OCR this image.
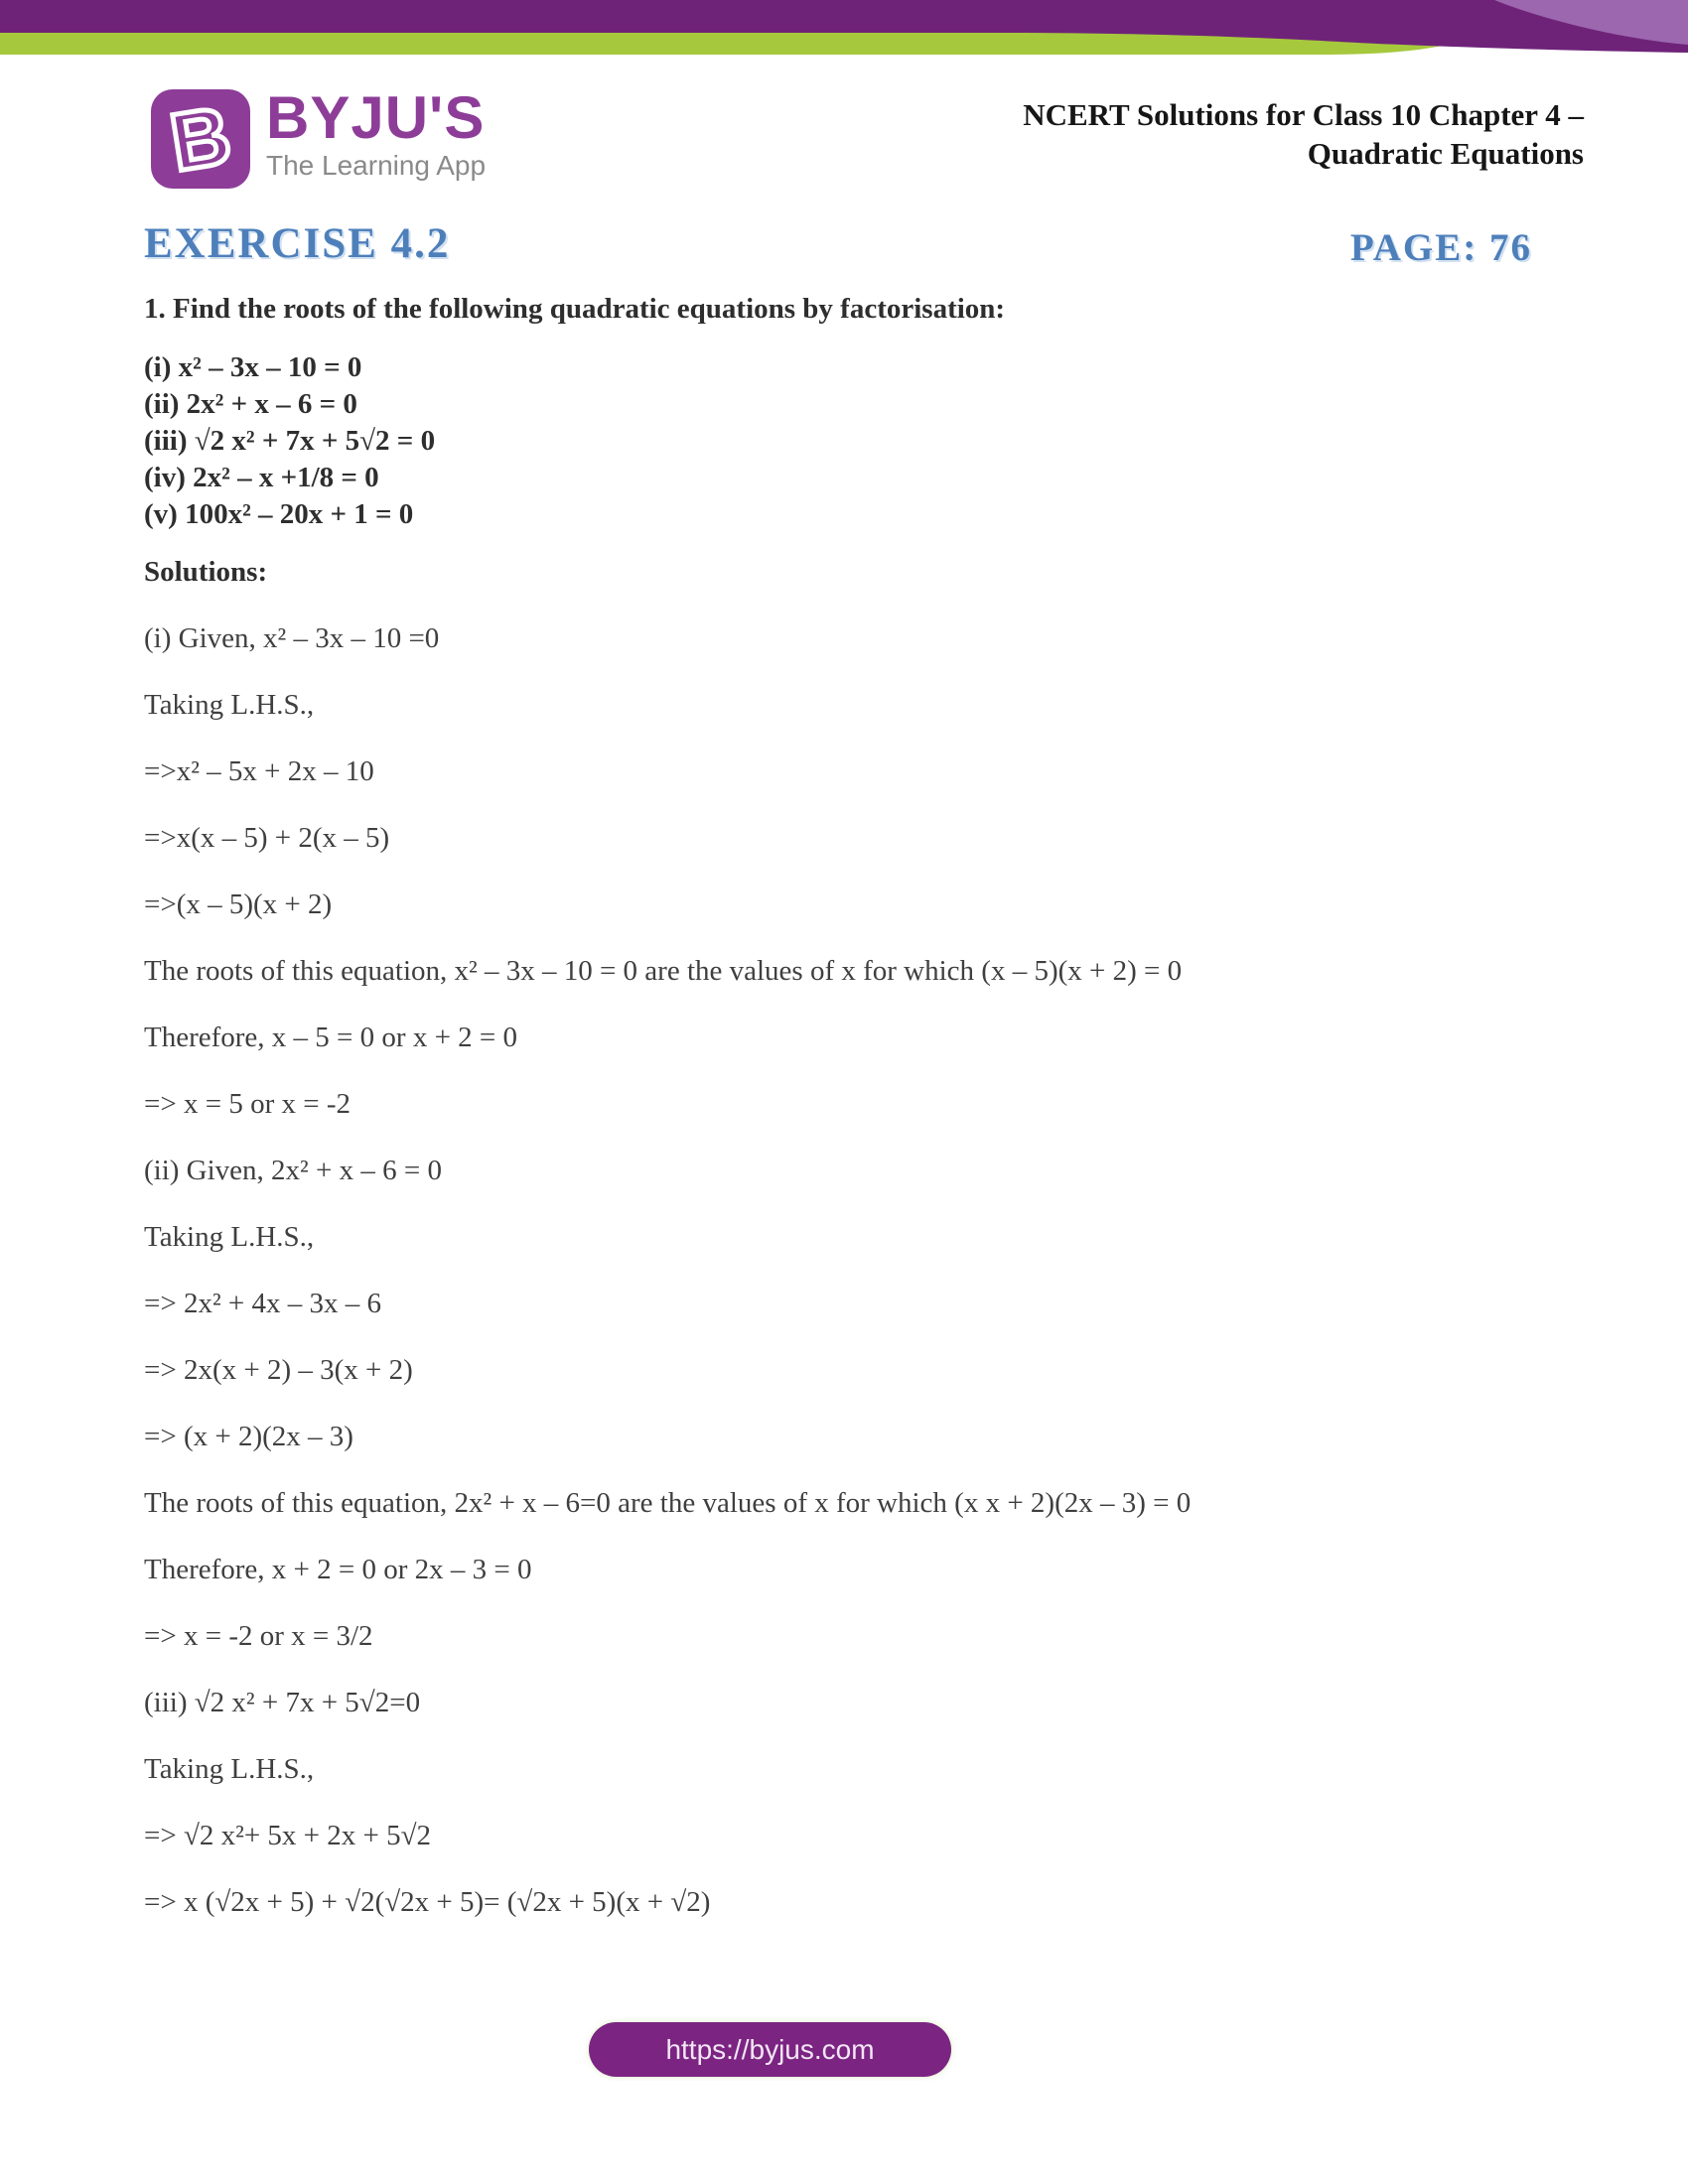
B BYJU'S
The Learning App
NCERT Solutions for Class 10 Chapter 4 –
Quadratic Equations
EXERCISE 4.2	PAGE: 76
1. Find the roots of the following quadratic equations by factorisation:
(i) x² – 3x – 10 = 0
(ii) 2x² + x – 6 = 0
(iii) √2 x² + 7x + 5√2 = 0
(iv) 2x² – x +1/8 = 0
(v) 100x² – 20x + 1 = 0
Solutions:
(i) Given, x² – 3x – 10 =0
Taking L.H.S.,
=>x² – 5x + 2x – 10
=>x(x – 5) + 2(x – 5)
=>(x – 5)(x + 2)
The roots of this equation, x² – 3x – 10 = 0 are the values of x for which (x – 5)(x + 2) = 0
Therefore, x – 5 = 0 or x + 2 = 0
=> x = 5 or x = -2
(ii) Given, 2x² + x – 6 = 0
Taking L.H.S.,
=> 2x² + 4x – 3x – 6
=> 2x(x + 2) – 3(x + 2)
=> (x + 2)(2x – 3)
The roots of this equation, 2x² + x – 6=0 are the values of x for which (x x + 2)(2x – 3) = 0
Therefore, x + 2 = 0 or 2x – 3 = 0
=> x = -2 or x = 3/2
(iii) √2 x² + 7x + 5√2=0
Taking L.H.S.,
=> √2 x²+ 5x + 2x + 5√2
=> x (√2x + 5) + √2(√2x + 5)= (√2x + 5)(x + √2)
https://byjus.com
